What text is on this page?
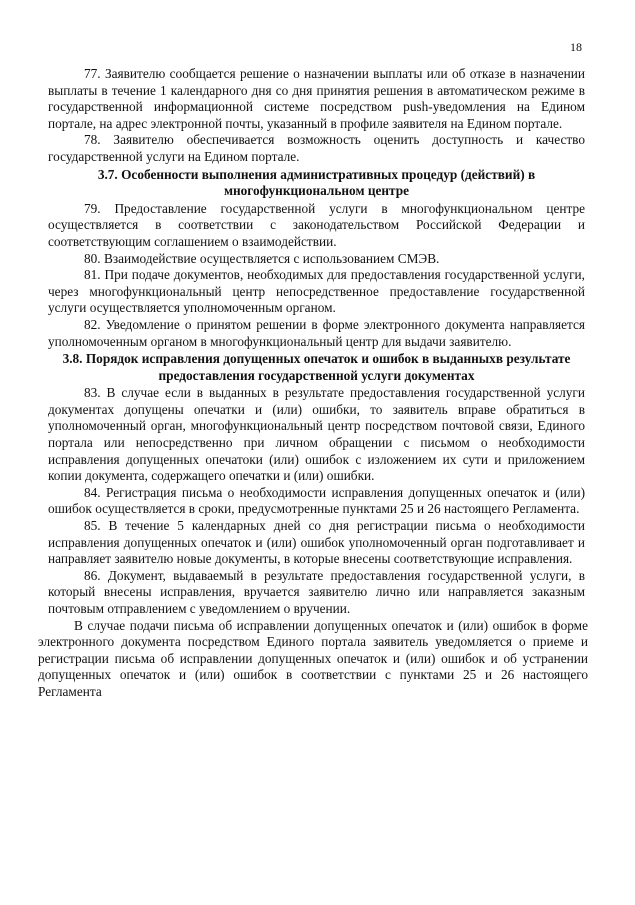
18

77. Заявителю сообщается решение о назначении выплаты или об отказе в назначении выплаты в течение 1 календарного дня со дня принятия решения в автоматическом режиме в государственной информационной системе посредством push-уведомления на Едином портале, на адрес электронной почты, указанный в профиле заявителя на Едином портале.

78. Заявителю обеспечивается возможность оценить доступность и качество государственной услуги на Едином портале.

3.7. Особенности выполнения административных процедур (действий) в многофункциональном центре

79. Предоставление государственной услуги в многофункциональном центре осуществляется в соответствии с законодательством Российской Федерации и соответствующим соглашением о взаимодействии.

80. Взаимодействие осуществляется с использованием СМЭВ.

81. При подаче документов, необходимых для предоставления государственной услуги, через многофункциональный центр непосредственное предоставление государственной услуги осуществляется уполномоченным органом.

82. Уведомление о принятом решении в форме электронного документа направляется уполномоченным органом в многофункциональный центр для выдачи заявителю.

3.8. Порядок исправления допущенных опечаток и ошибок в выданныхв результате предоставления государственной услуги документах

83. В случае если в выданных в результате предоставления государственной услуги документах допущены опечатки и (или) ошибки, то заявитель вправе обратиться в уполномоченный орган, многофункциональный центр посредством почтовой связи, Единого портала или непосредственно при личном обращении с письмом о необходимости исправления допущенных опечатоки (или) ошибок с изложением их сути и приложением копии документа, содержащего опечатки и (или) ошибки.

84. Регистрация письма о необходимости исправления допущенных опечаток и (или) ошибок осуществляется в сроки, предусмотренные пунктами 25 и 26 настоящего Регламента.

85. В течение 5 календарных дней со дня регистрации письма о необходимости исправления допущенных опечаток и (или) ошибок уполномоченный орган подготавливает и направляет заявителю новые документы, в которые внесены соответствующие исправления.

86. Документ, выдаваемый в результате предоставления государственной услуги, в который внесены исправления, вручается заявителю лично или направляется заказным почтовым отправлением с уведомлением о вручении.

В случае подачи письма об исправлении допущенных опечаток и (или) ошибок в форме электронного документа посредством Единого портала заявитель уведомляется о приеме и регистрации письма об исправлении допущенных опечаток и (или) ошибок и об устранении допущенных опечаток и (или) ошибок в соответствии с пунктами 25 и 26 настоящего Регламента
